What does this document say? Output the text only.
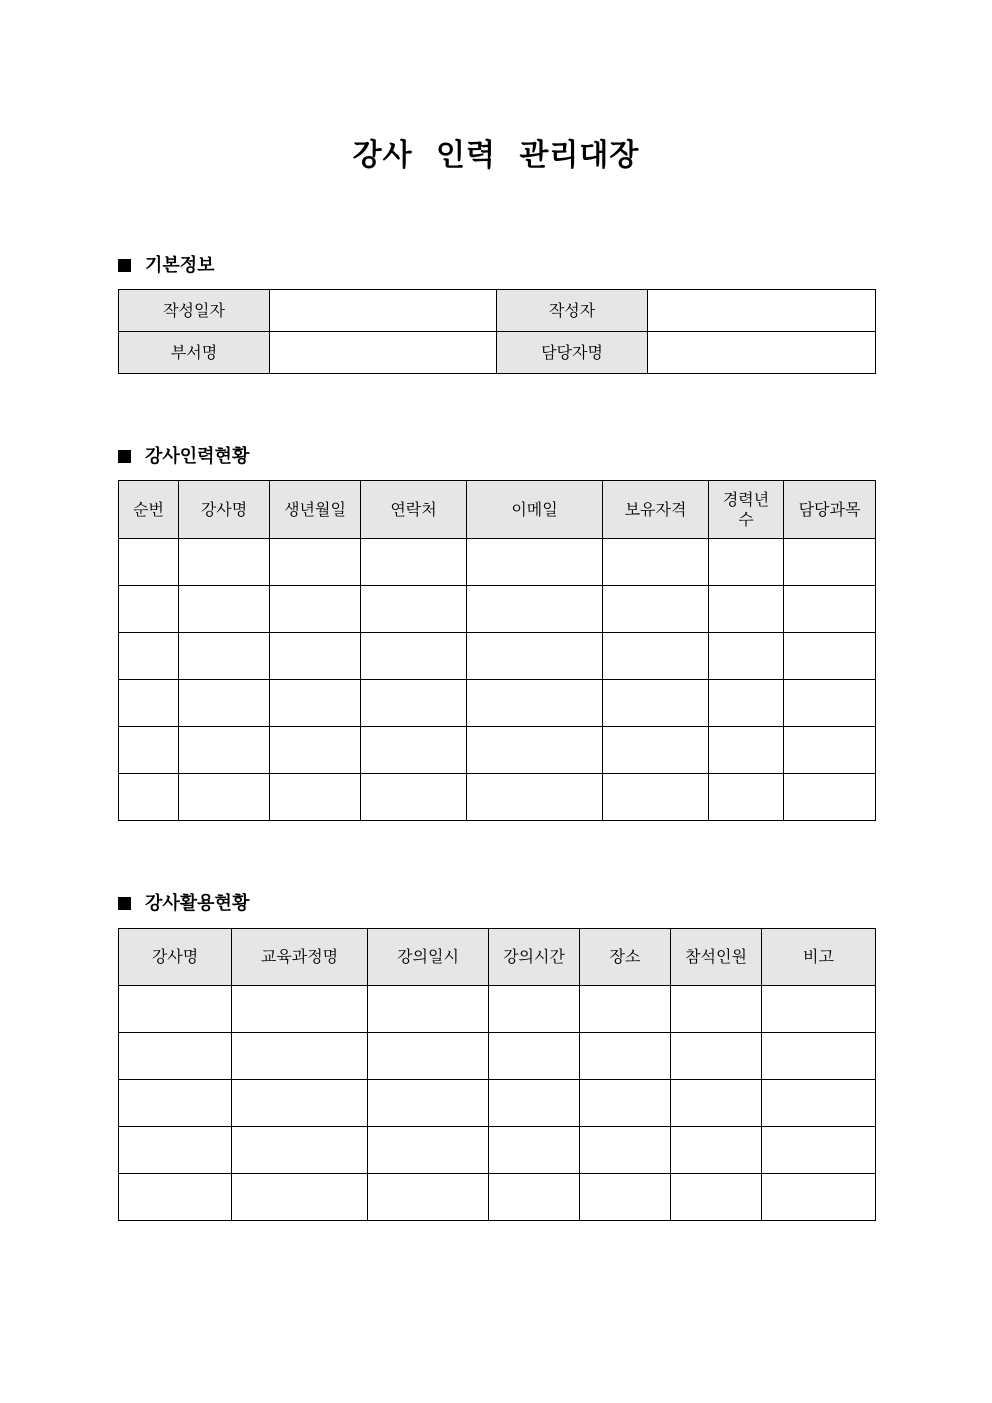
강사 인력 관리대장
기본정보
작성일자		작성자	
부서명		담당자명	
강사인력현황
순번	강사명	생년월일	연락처	이메일	보유자격	경력년수	담당과목

강사활용현황
강사명	교육과정명	강의일시	강의시간	장소	참석인원	비고
